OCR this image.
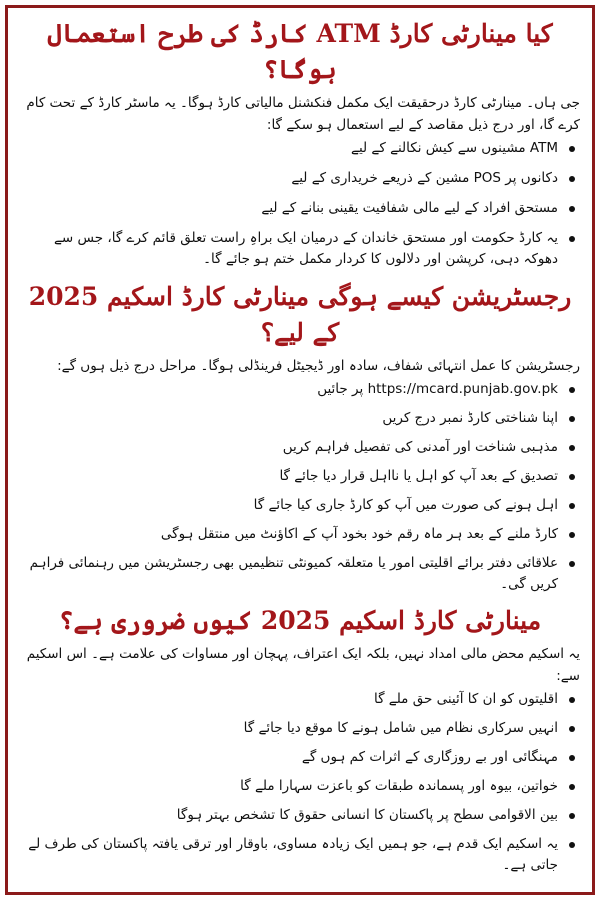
کیا مینارٹی کارڈ ATM کارڈ کی طرح استعمال ہوگا؟

جی ہاں۔ مینارٹی کارڈ درحقیقت ایک مکمل فنکشنل مالیاتی کارڈ ہوگا۔ یہ ماسٹر کارڈ کے تحت کام کرے گا، اور درج ذیل مقاصد کے لیے استعمال ہو سکے گا:

ATM مشینوں سے کیش نکالنے کے لیے
دکانوں پر POS مشین کے ذریعے خریداری کے لیے
مستحق افراد کے لیے مالی شفافیت یقینی بنانے کے لیے
یہ کارڈ حکومت اور مستحق خاندان کے درمیان ایک براہِ راست تعلق قائم کرے گا، جس سے دھوکہ دہی، کرپشن اور دلالوں کا کردار مکمل ختم ہو جائے گا۔
رجسٹریشن کیسے ہوگی مینارٹی کارڈ اسکیم 2025 کے لیے؟

رجسٹریشن کا عمل انتہائی شفاف، سادہ اور ڈیجیٹل فرینڈلی ہوگا۔ مراحل درج ذیل ہوں گے:

https://mcard.punjab.gov.pk پر جائیں
اپنا شناختی کارڈ نمبر درج کریں
مذہبی شناخت اور آمدنی کی تفصیل فراہم کریں
تصدیق کے بعد آپ کو اہل یا نااہل قرار دیا جائے گا
اہل ہونے کی صورت میں آپ کو کارڈ جاری کیا جائے گا
کارڈ ملنے کے بعد ہر ماہ رقم خود بخود آپ کے اکاؤنٹ میں منتقل ہوگی
علاقائی دفتر برائے اقلیتی امور یا متعلقہ کمیونٹی تنظیمیں بھی رجسٹریشن میں رہنمائی فراہم کریں گی۔
مینارٹی کارڈ اسکیم 2025 کیوں ضروری ہے؟

یہ اسکیم محض مالی امداد نہیں، بلکہ ایک اعتراف، پہچان اور مساوات کی علامت ہے۔ اس اسکیم سے:

اقلیتوں کو ان کا آئینی حق ملے گا
انہیں سرکاری نظام میں شامل ہونے کا موقع دیا جائے گا
مہنگائی اور بے روزگاری کے اثرات کم ہوں گے
خواتین، بیوہ اور پسماندہ طبقات کو باعزت سہارا ملے گا
بین الاقوامی سطح پر پاکستان کا انسانی حقوق کا تشخص بہتر ہوگا
یہ اسکیم ایک قدم ہے، جو ہمیں ایک زیادہ مساوی، باوقار اور ترقی یافتہ پاکستان کی طرف لے جاتی ہے۔
